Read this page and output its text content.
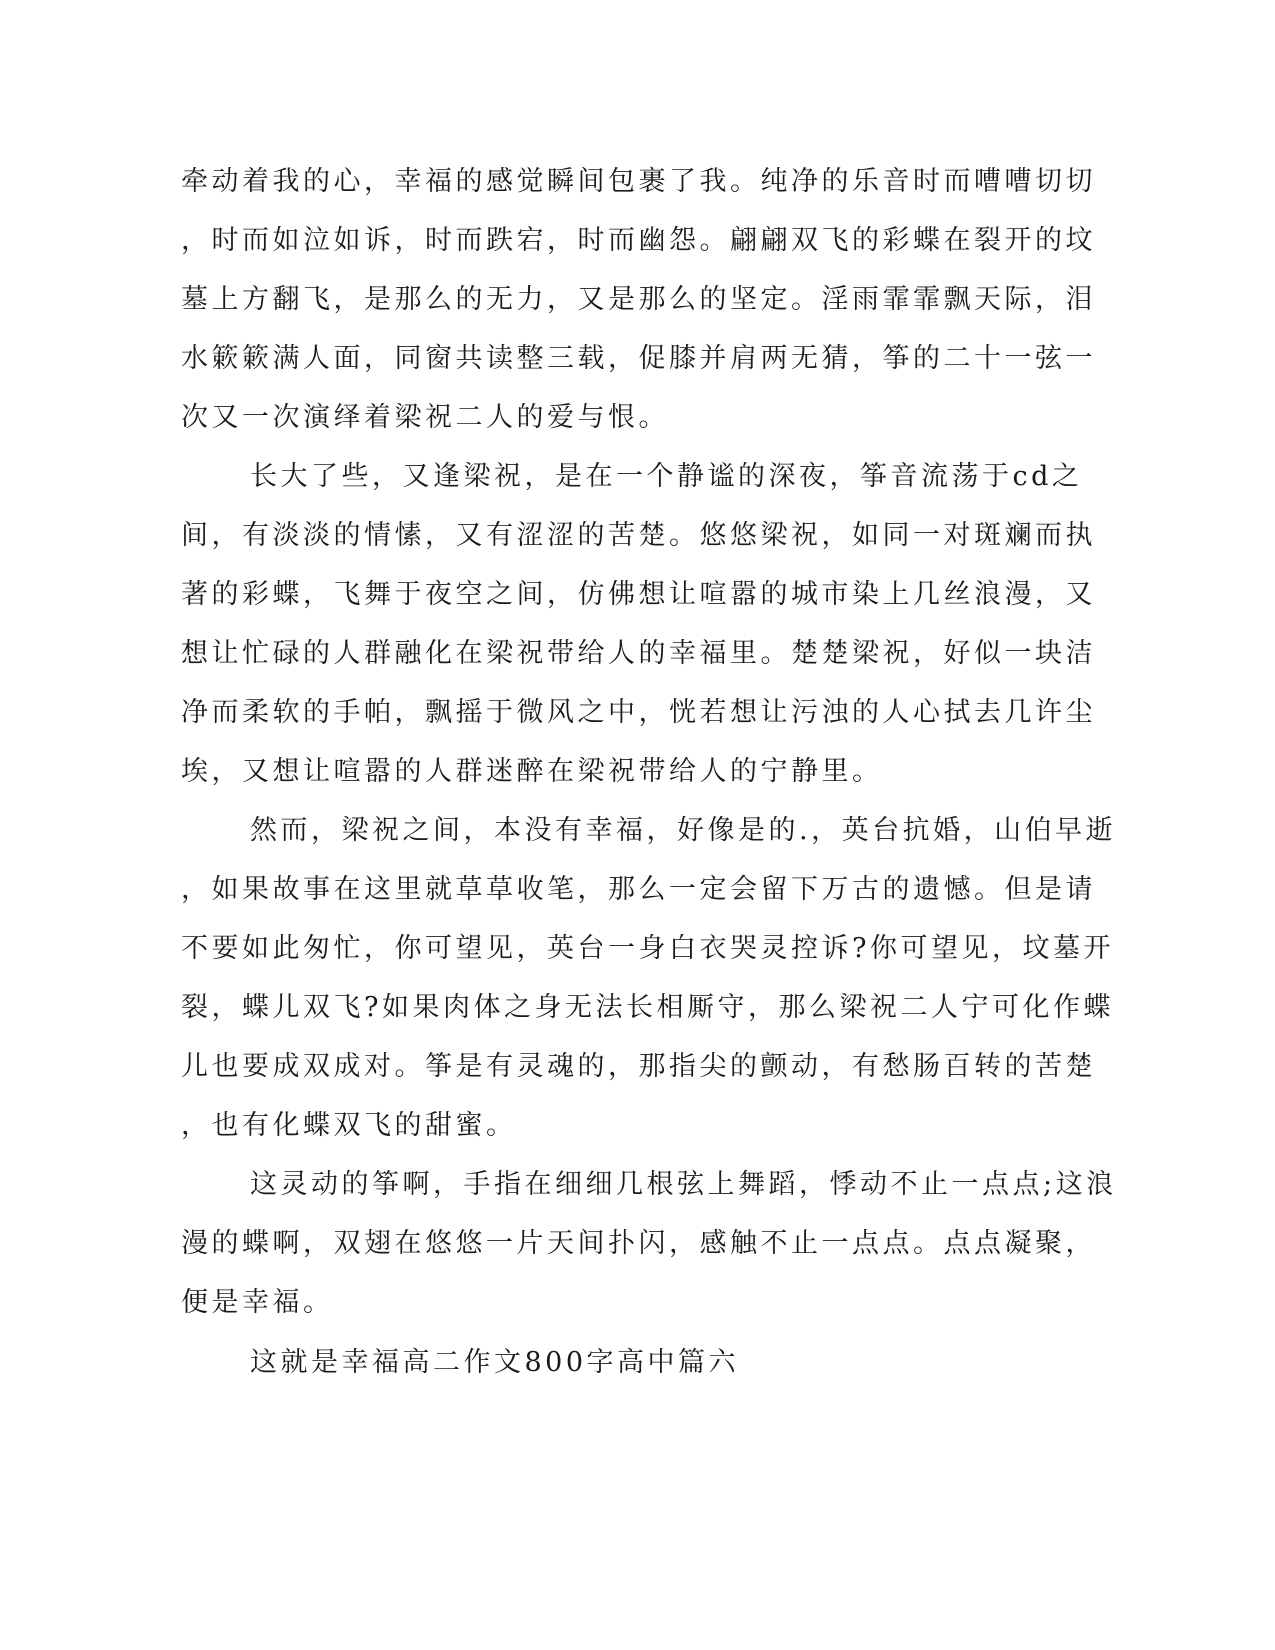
牵动着我的心，幸福的感觉瞬间包裹了我。纯净的乐音时而嘈嘈切切
，时而如泣如诉，时而跌宕，时而幽怨。翩翩双飞的彩蝶在裂开的坟
墓上方翻飞，是那么的无力，又是那么的坚定。淫雨霏霏飘天际，泪
水簌簌满人面，同窗共读整三载，促膝并肩两无猜，筝的二十一弦一
次又一次演绎着梁祝二人的爱与恨。
长大了些，又逢梁祝，是在一个静谧的深夜，筝音流荡于cd之
间，有淡淡的情愫，又有涩涩的苦楚。悠悠梁祝，如同一对斑斓而执
著的彩蝶，飞舞于夜空之间，仿佛想让喧嚣的城市染上几丝浪漫，又
想让忙碌的人群融化在梁祝带给人的幸福里。楚楚梁祝，好似一块洁
净而柔软的手帕，飘摇于微风之中，恍若想让污浊的人心拭去几许尘
埃，又想让喧嚣的人群迷醉在梁祝带给人的宁静里。
然而，梁祝之间，本没有幸福，好像是的.，英台抗婚，山伯早逝
，如果故事在这里就草草收笔，那么一定会留下万古的遗憾。但是请
不要如此匆忙，你可望见，英台一身白衣哭灵控诉?你可望见，坟墓开
裂，蝶儿双飞?如果肉体之身无法长相厮守，那么梁祝二人宁可化作蝶
儿也要成双成对。筝是有灵魂的，那指尖的颤动，有愁肠百转的苦楚
，也有化蝶双飞的甜蜜。
这灵动的筝啊，手指在细细几根弦上舞蹈，悸动不止一点点;这浪
漫的蝶啊，双翅在悠悠一片天间扑闪，感触不止一点点。点点凝聚，
便是幸福。
这就是幸福高二作文800字高中篇六
